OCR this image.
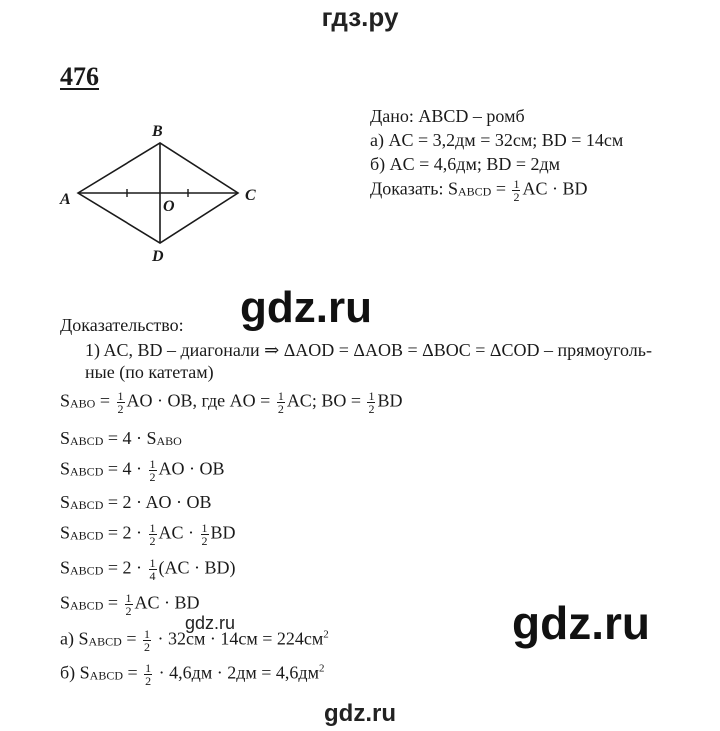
гдз.ру
476
A
B
C
D
O
Дано: ABCD – ромб
а) AC = 3,2дм = 32см; BD = 14см
б) AC = 4,6дм; BD = 2дм
Доказать: SABCD = $\frac{1}{2}$ AC · BD
gdz.ru
Доказательство:
1) AC, BD – диагонали ⇒ ΔAOD = ΔAOB = ΔBOC = ΔCOD – прямоуголь-
ные (по катетам)
SABO = $\frac{1}{2}$ AO · OB, где AO = $\frac{1}{2}$ AC; BO = $\frac{1}{2}$ BD
SABCD = 4 · SABO
SABCD = $4 \cdot \frac{1}{2}$ AO · OB
SABCD = 2 · AO · OB
SABCD = $2 \cdot \frac{1}{2}$ AC · $\frac{1}{2}$ BD
SABCD = $2 \cdot \frac{1}{4} (AC \cdot BD)$
SABCD = $\frac{1}{2}$ AC · BD
gdz.ru
а) SABCD = $\frac{1}{2} \cdot 32см \cdot 14см = 224см^2$
б) SABCD = $\frac{1}{2} \cdot 4,6дм \cdot 2дм = 4,6дм^2$
gdz.ru
gdz.ru
